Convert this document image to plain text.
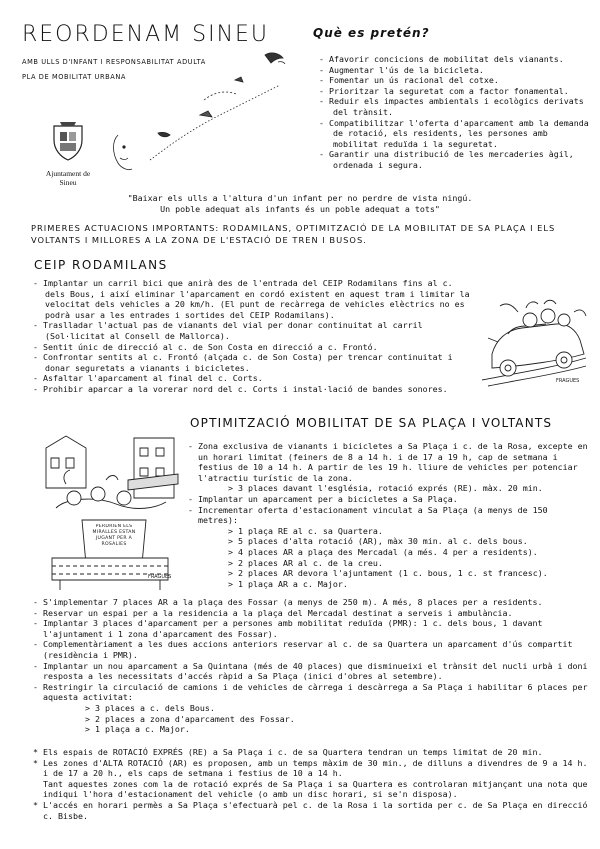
REORDENAM SINEU
AMB ULLS D'INFANT I RESPONSABILITAT ADULTA
PLA DE MOBILITAT URBANA
Ajuntament de Sineu
Què es pretén?
- Afavorir concicions de mobilitat dels vianants.
- Augmentar l'ús de la bicicleta.
- Fomentar un ús racional del cotxe.
- Prioritzar la seguretat com a factor fonamental.
- Reduir els impactes ambientals i ecològics derivats del trànsit.
- Compatibilitzar l'oferta d'aparcament amb la demanda de rotació, els residents, les persones amb mobilitat reduïda i la seguretat.
- Garantir una distribució de les mercaderies àgil, ordenada i segura.
"Baixar els ulls a l'altura d'un infant per no perdre de vista ningú.
Un poble adequat als infants és un poble adequat a tots"
PRIMERES ACTUACIONS IMPORTANTS: RODAMILANS, OPTIMITZACIÓ DE LA MOBILITAT DE SA PLAÇA I ELS VOLTANTS I MILLORES A LA ZONA DE L'ESTACIÓ DE TREN I BUSOS.
CEIP RODAMILANS
- Implantar un carril bici que anirà des de l'entrada del CEIP Rodamilans fins al c. dels Bous, i així eliminar l'aparcament en cordó existent en aquest tram i limitar la velocitat dels vehicles a 20 km/h. (El punt de recàrrega de vehicles elèctrics no es podrà usar a les entrades i sortides del CEIP Rodamilans).
- Traslladar l'actual pas de vianants del vial per donar continuitat al carril (Sol·licitat al Consell de Mallorca).
- Sentit únic de direcció al c. de Son Costa en direcció a c. Frontó.
- Confrontar sentits al c. Frontó (alçada c. de Son Costa) per trencar continuitat i donar seguretats a vianants i bicicletes.
- Asfaltar l'aparcament al final del c. Corts.
- Prohibir aparcar a la vorerar nord del c. Corts i instal·lació de bandes sonores.
FRAGUES
OPTIMITZACIÓ MOBILITAT DE SA PLAÇA I VOLTANTS
PERDRIEN ELS MIRALLES ESTAN JUGANT PER A ROSALIES
FRAGUES
- Zona exclusiva de vianants i bicicletes a Sa Plaça i c. de la Rosa, excepte en un horari limitat (feiners de 8 a 14 h. i de 17 a 19 h, cap de setmana i festius de 10 a 14 h. A partir de les 19 h. lliure de vehicles per potenciar l'atractiu turístic de la zona.
> 3 places davant l'església, rotació exprés (RE). màx. 20 min.
- Implantar un aparcament per a bicicletes a Sa Plaça.
- Incrementar oferta d'estacionament vinculat a Sa Plaça (a menys de 150 metres):
> 1 plaça RE al c. sa Quartera.
> 5 places d'alta rotació (AR), màx 30 min. al c. dels bous.
> 4 places AR a plaça des Mercadal (a més. 4 per a residents).
> 2 places AR al c. de la creu.
> 2 places AR devora l'ajuntament (1 c. bous, 1 c. st francesc).
> 1 plaça AR a c. Major.
- S'implementar 7 places AR a la plaça des Fossar (a menys de 250 m). A més, 8 places per a residents.
- Reservar un espai per a la residencia a la plaça del Mercadal destinat a serveis i ambulància.
- Implantar 3 places d'aparcament per a persones amb mobilitat reduïda (PMR): 1 c. dels bous, 1 davant l'ajuntament i 1 zona d'aparcament des Fossar).
- Complementàriament a les dues accions anteriors reservar al c. de sa Quartera un aparcament d'ús compartit (residència i PMR).
- Implantar un nou aparcament a Sa Quintana (més de 40 places) que disminueixi el trànsit del nucli urbà i doni resposta a les necessitats d'accés ràpid a Sa Plaça (inici d'obres al setembre).
- Restringir la circulació de camions i de vehicles de càrrega i descàrrega a Sa Plaça i habilitar 6 places per aquesta activitat:
> 3 places a c. dels Bous.
> 2 places a zona d'aparcament des Fossar.
> 1 plaça a c. Major.
* Els espais de ROTACIÓ EXPRÉS (RE) a Sa Plaça i c. de sa Quartera tendran un temps limitat de 20 min.
* Les zones d'ALTA ROTACIÓ (AR) es proposen, amb un temps màxim de 30 min., de dilluns a divendres de 9 a 14 h. i de 17 a 20 h., els caps de setmana i festius de 10 a 14 h.
Tant aquestes zones com la de rotació exprés de Sa Plaça i sa Quartera es controlaran mitjançant una nota que indiqui l'hora d'estacionament del vehicle (o amb un disc horari, si se'n disposa).
* L'accés en horari permès a Sa Plaça s'efectuarà pel c. de la Rosa i la sortida per c. de Sa Plaça en direcció c. Bisbe.
